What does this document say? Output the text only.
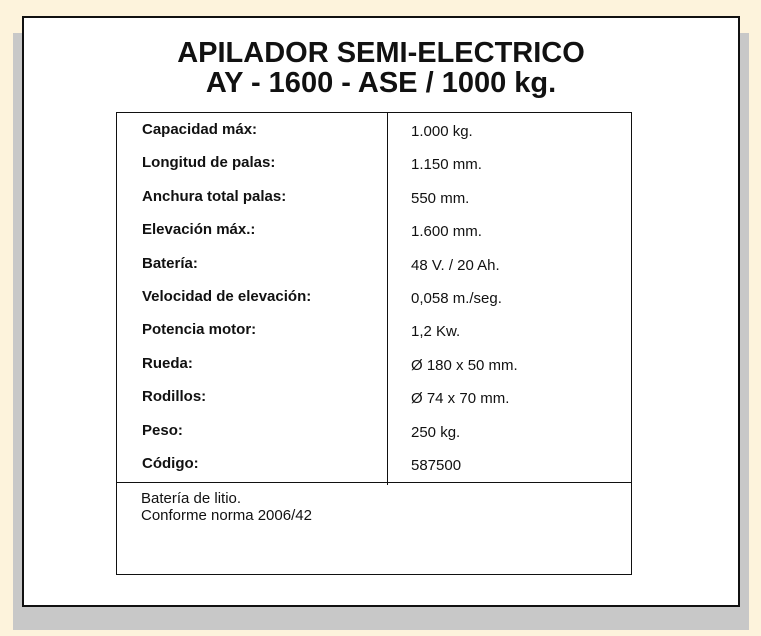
APILADOR SEMI-ELECTRICO
AY - 1600 - ASE / 1000 kg.
Capacidad máx:	1.000 kg.
Longitud de palas:	1.150 mm.
Anchura total palas:	550 mm.
Elevación máx.:	1.600 mm.
Batería:	48 V. / 20 Ah.
Velocidad de elevación:	0,058 m./seg.
Potencia motor:	1,2 Kw.
Rueda:	Ø 180 x 50 mm.
Rodillos:	Ø 74 x 70 mm.
Peso:	250 kg.
Código:	587500
Batería de litio.
Conforme norma 2006/42
